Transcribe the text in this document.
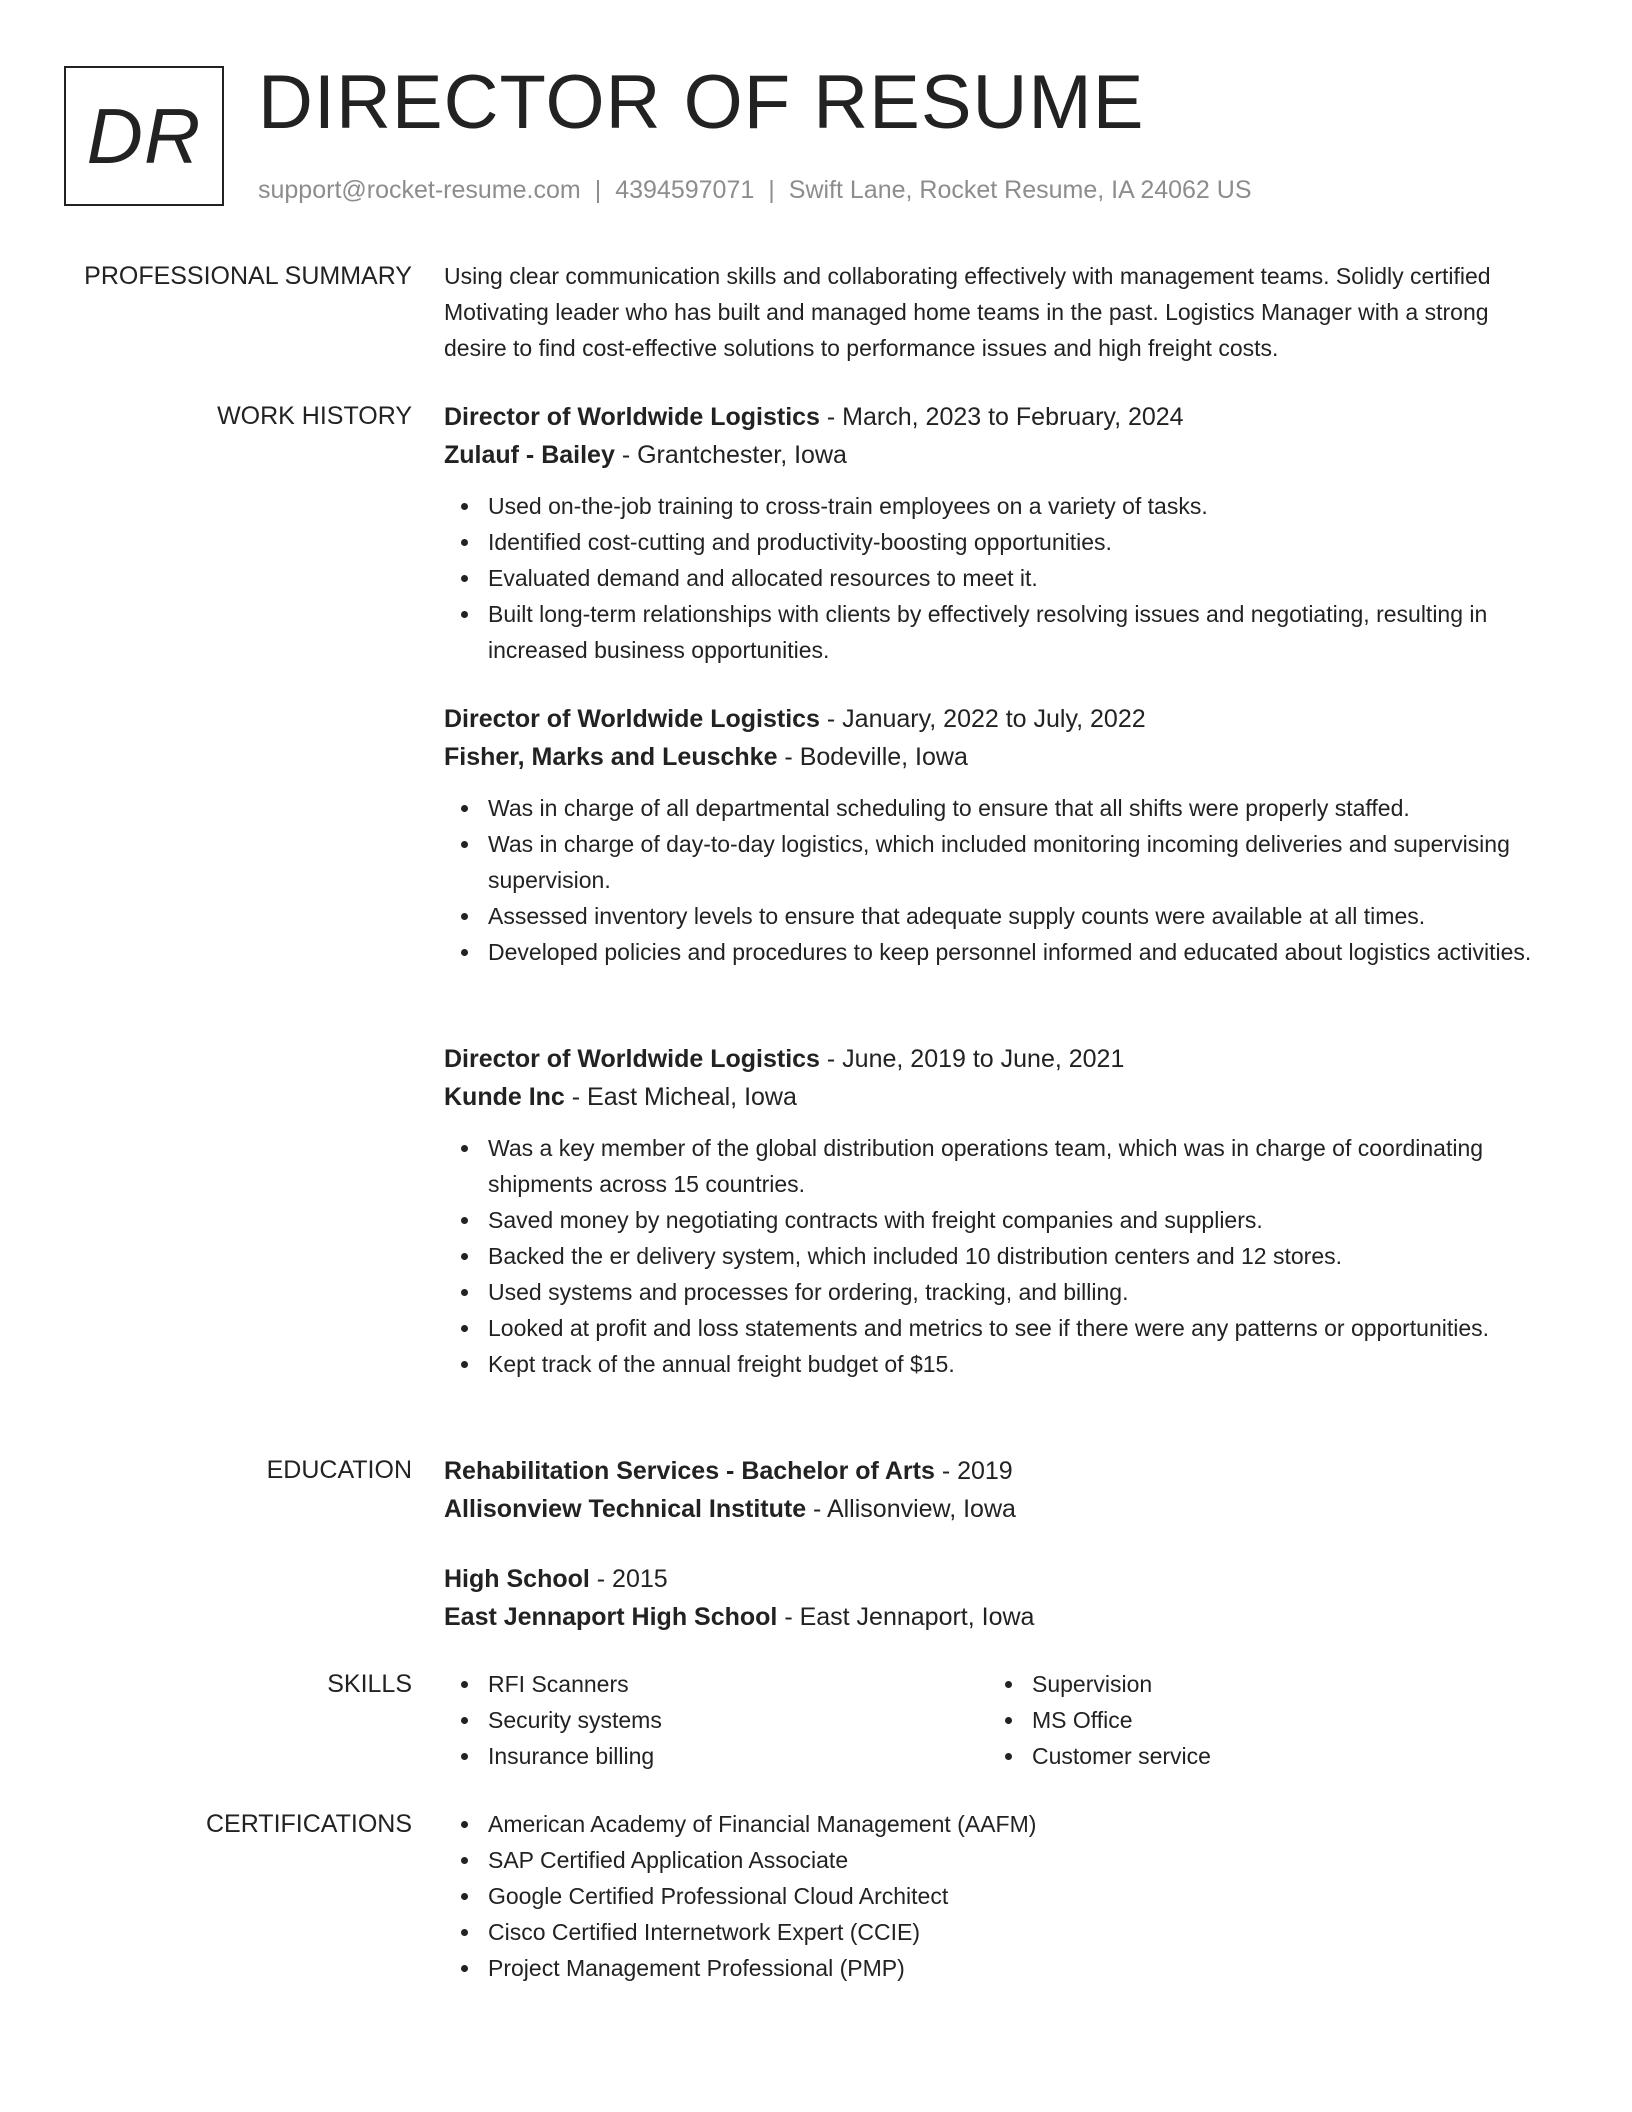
DR DIRECTOR OF RESUME
support@rocket-resume.com | 4394597071 | Swift Lane, Rocket Resume, IA 24062 US
PROFESSIONAL SUMMARY Using clear communication skills and collaborating effectively with management teams. Solidly certified Motivating leader who has built and managed home teams in the past. Logistics Manager with a strong desire to find cost-effective solutions to performance issues and high freight costs.

WORK HISTORY Director of Worldwide Logistics - March, 2023 to February, 2024
Zulauf - Bailey - Grantchester, Iowa
Used on-the-job training to cross-train employees on a variety of tasks.
Identified cost-cutting and productivity-boosting opportunities.
Evaluated demand and allocated resources to meet it.
Built long-term relationships with clients by effectively resolving issues and negotiating, resulting in increased business opportunities.
Director of Worldwide Logistics - January, 2022 to July, 2022
Fisher, Marks and Leuschke - Bodeville, Iowa
Was in charge of all departmental scheduling to ensure that all shifts were properly staffed.
Was in charge of day-to-day logistics, which included monitoring incoming deliveries and supervising supervision.
Assessed inventory levels to ensure that adequate supply counts were available at all times.
Developed policies and procedures to keep personnel informed and educated about logistics activities.
Director of Worldwide Logistics - June, 2019 to June, 2021
Kunde Inc - East Micheal, Iowa
Was a key member of the global distribution operations team, which was in charge of coordinating shipments across 15 countries.
Saved money by negotiating contracts with freight companies and suppliers.
Backed the er delivery system, which included 10 distribution centers and 12 stores.
Used systems and processes for ordering, tracking, and billing.
Looked at profit and loss statements and metrics to see if there were any patterns or opportunities.
Kept track of the annual freight budget of $15.
EDUCATION Rehabilitation Services - Bachelor of Arts - 2019
Allisonview Technical Institute - Allisonview, Iowa
High School - 2015
East Jennaport High School - East Jennaport, Iowa
SKILLS	RFI Scanners
Security systems
Insurance billing
Supervision
MS Office
Customer service
CERTIFICATIONS	American Academy of Financial Management (AAFM)
SAP Certified Application Associate
Google Certified Professional Cloud Architect
Cisco Certified Internetwork Expert (CCIE)
Project Management Professional (PMP)
